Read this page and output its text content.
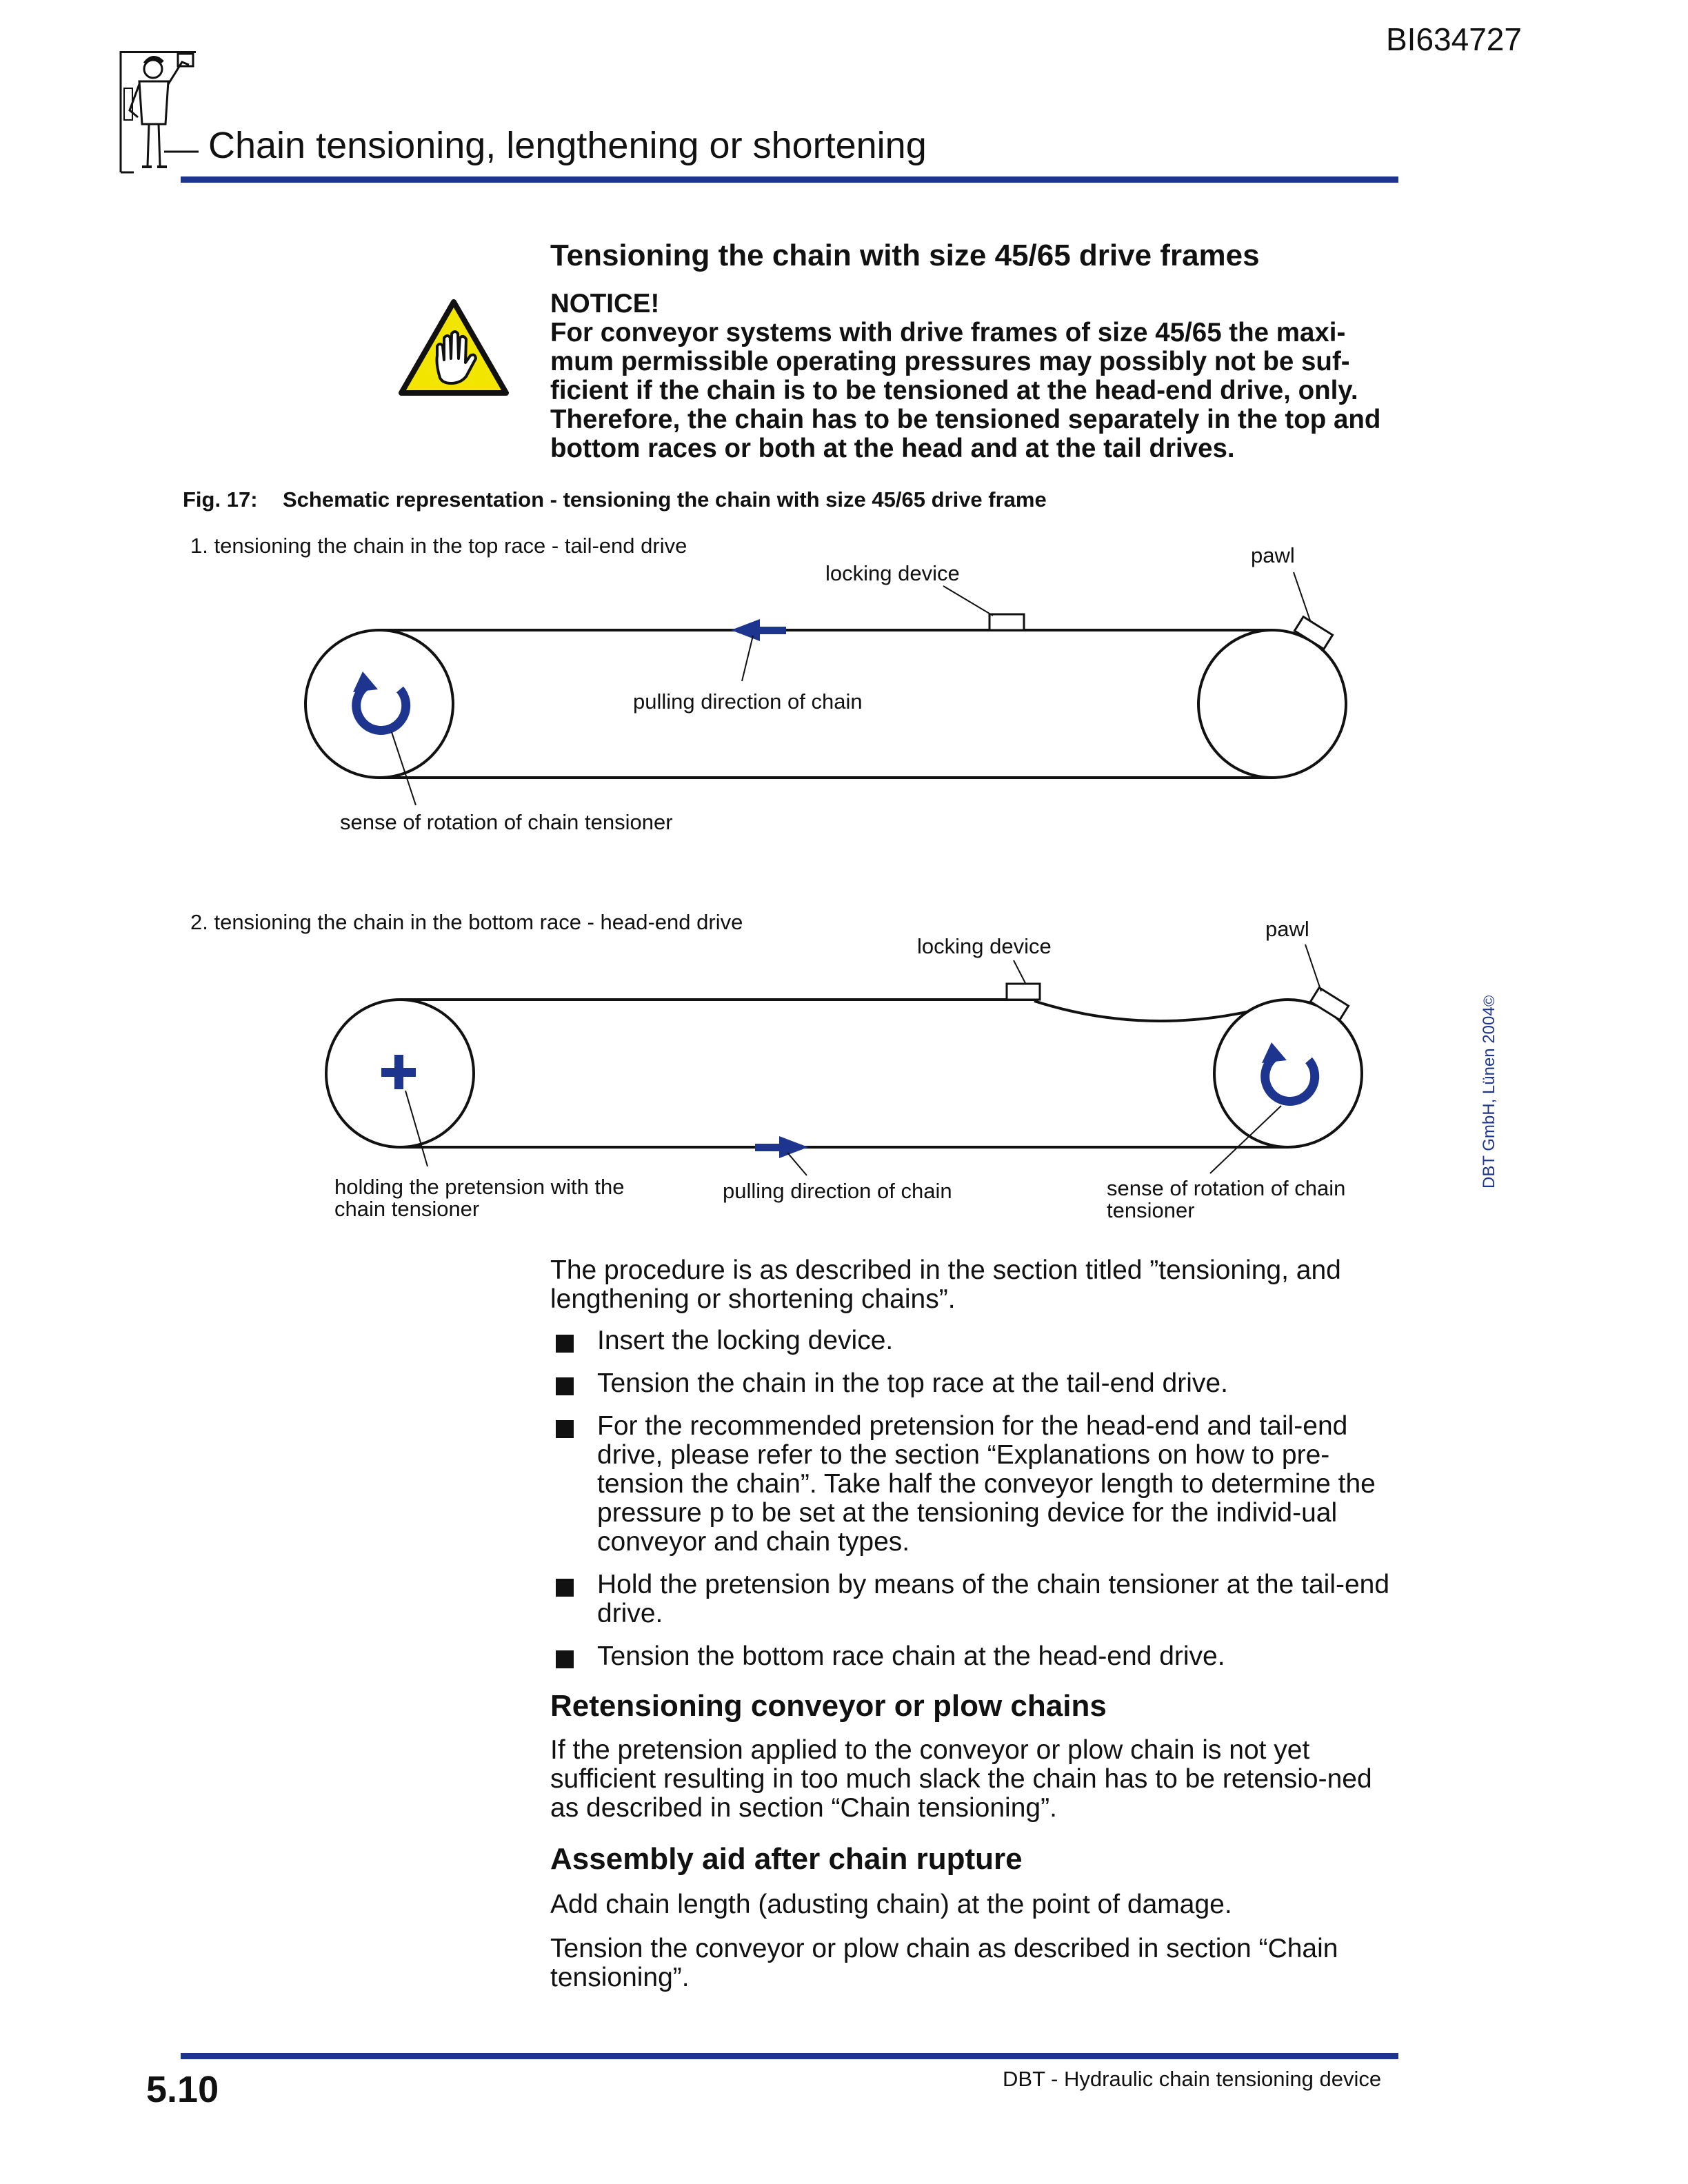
BI634727
Chain tensioning, lengthening or shortening
Tensioning the chain with size 45/65 drive frames
NOTICE!
For conveyor systems with drive frames of size 45/65 the maxi-mum permissible operating pressures may possibly not be suf-ficient if the chain is to be tensioned at the head-end drive, only. Therefore, the chain has to be tensioned separately in the top and bottom races or both at the head and at the tail drives.
Fig. 17: Schematic representation - tensioning the chain with size 45/65 drive frame
1. tensioning the chain in the top race - tail-end drive
locking device
pawl
pulling direction of chain
sense of rotation of chain tensioner
2. tensioning the chain in the bottom race - head-end drive
locking device
pawl
holding the pretension with the
chain tensioner
pulling direction of chain	sense of rotation of chain
tensioner
The procedure is as described in the section titled ”tensioning, and lengthening or shortening chains”.
Insert the locking device.
Tension the chain in the top race at the tail-end drive.
For the recommended pretension for the head-end and tail-end drive, please refer to the section “Explanations on how to pre-tension the chain”. Take half the conveyor length to determine the pressure p to be set at the tensioning device for the individ-ual conveyor and chain types.
Hold the pretension by means of the chain tensioner at the tail-end drive.
Tension the bottom race chain at the head-end drive.
Retensioning conveyor or plow chains
If the pretension applied to the conveyor or plow chain is not yet sufficient resulting in too much slack the chain has to be retensio-ned as described in section “Chain tensioning”.
Assembly aid after chain rupture
Add chain length (adusting chain) at the point of damage.
Tension the conveyor or plow chain as described in section “Chain tensioning”.
DBT GmbH, Lünen 2004
©
DBT - Hydraulic chain tensioning device
5.10
